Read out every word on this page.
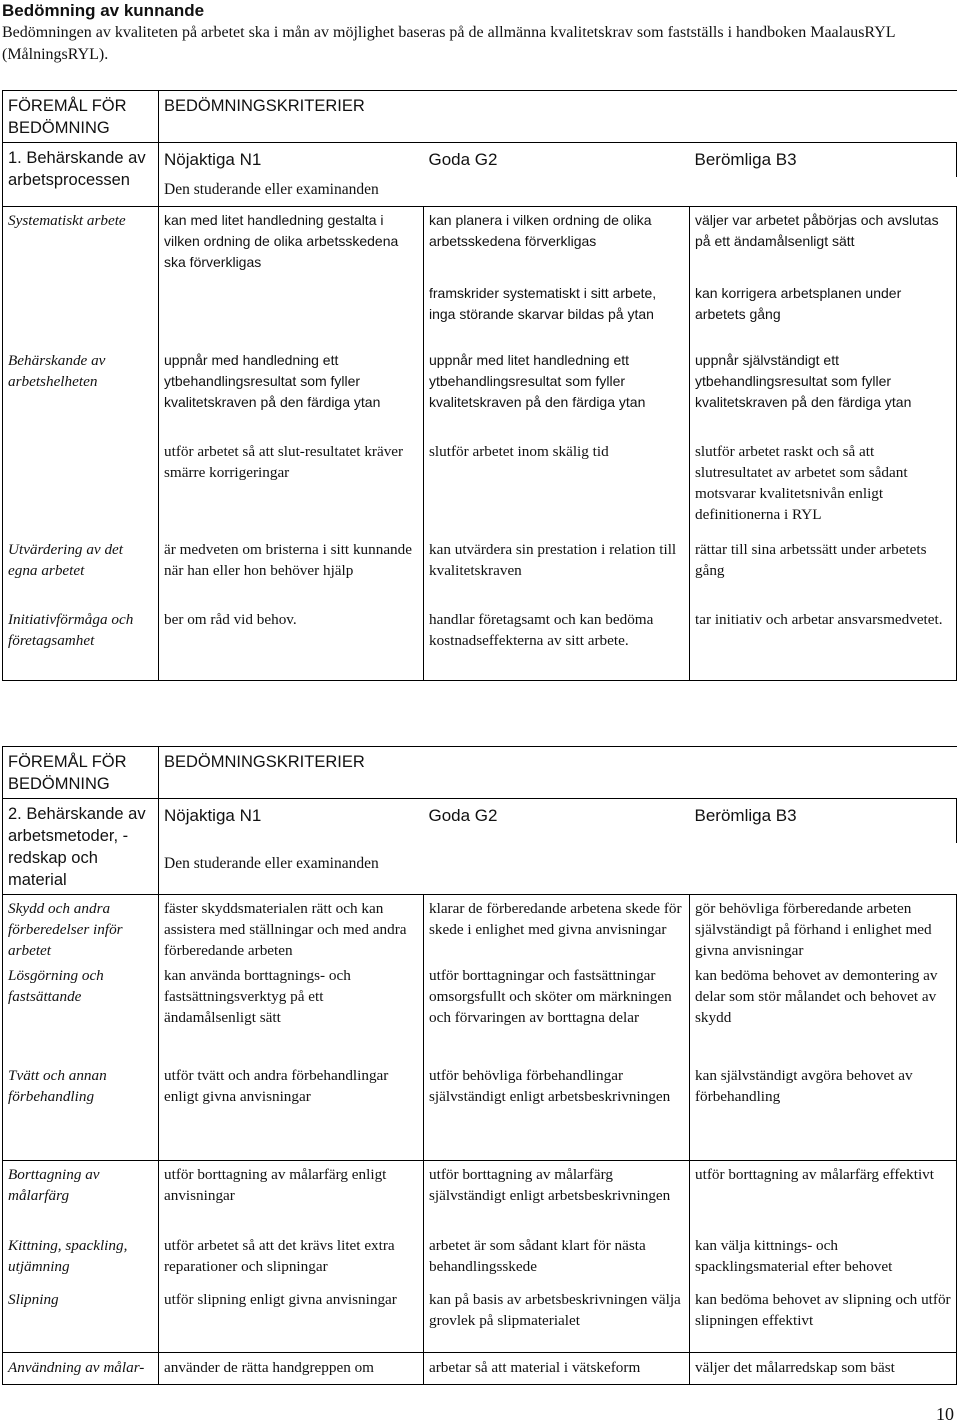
Bedömning av kunnande

Bedömningen av kvaliteten på arbetet ska i mån av möjlighet baseras på de allmänna kvalitetskrav som fastställs i handboken MaalausRYL (MålningsRYL).

FÖREMÅL FÖR BEDÖMNING	BEDÖMNINGSKRITERIER		
1. Behärskande av arbetsprocessen	Nöjaktiga N1	Goda G2	Berömliga B3
	Den studerande eller examinanden		
Systematiskt arbete	kan med litet handledning gestalta i vilken ordning de olika arbetsskedena ska förverkligas	kan planera i vilken ordning de olika arbetsskedena förverkligas	väljer var arbetet påbörjas och avslutas på ett ändamålsenligt sätt
		framskrider systematiskt i sitt arbete, inga störande skarvar bildas på ytan	kan korrigera arbetsplanen under arbetets gång
Behärskande av arbetshelheten	uppnår med handledning ett ytbehandlingsresultat som fyller kvalitetskraven på den färdiga ytan	uppnår med litet handledning ett ytbehandlingsresultat som fyller kvalitetskraven på den färdiga ytan	uppnår självständigt ett ytbehandlingsresultat som fyller kvalitetskraven på den färdiga ytan
	utför arbetet så att slut-resultatet kräver smärre korrigeringar	slutför arbetet inom skälig tid	slutför arbetet raskt och så att slutresultatet av arbetet som sådant motsvarar kvalitetsnivån enligt definitionerna i RYL
Utvärdering av det egna arbetet	är medveten om bristerna i sitt kunnande när han eller hon behöver hjälp	kan utvärdera sin prestation i relation till kvalitetskraven	rättar till sina arbetssätt under arbetets gång
Initiativförmåga och företagsamhet	ber om råd vid behov.	handlar företagsamt och kan bedöma kostnadseffekterna av sitt arbete.	tar initiativ och arbetar ansvarsmedvetet.
FÖREMÅL FÖR BEDÖMNING	BEDÖMNINGSKRITERIER		
2. Behärskande av arbetsmetoder, -redskap och material	Nöjaktiga N1	Goda G2	Berömliga B3
	Den studerande eller examinanden		
Skydd och andra förberedelser inför arbetet	fäster skyddsmaterialen rätt och kan assistera med ställningar och med andra förberedande arbeten	klarar de förberedande arbetena skede för skede i enlighet med givna anvisningar	gör behövliga förberedande arbeten självständigt på förhand i enlighet med givna anvisningar
Lösgörning och fastsättande	kan använda borttagnings- och fastsättningsverktyg på ett ändamålsenligt sätt	utför borttagningar och fastsättningar omsorgsfullt och sköter om märkningen och förvaringen av borttagna delar	kan bedöma behovet av demontering av delar som stör målandet och behovet av skydd
Tvätt och annan förbehandling	utför tvätt och andra förbehandlingar enligt givna anvisningar	utför behövliga förbehandlingar självständigt enligt arbetsbeskrivningen	kan självständigt avgöra behovet av förbehandling
Borttagning av målarfärg	utför borttagning av målarfärg enligt anvisningar	utför borttagning av målarfärg självständigt enligt arbetsbeskrivningen	utför borttagning av målarfärg effektivt
Kittning, spackling, utjämning	utför arbetet så att det krävs litet extra reparationer och slipningar	arbetet är som sådant klart för nästa behandlingsskede	kan välja kittnings- och spacklingsmaterial efter behovet
Slipning	utför slipning enligt givna anvisningar	kan på basis av arbetsbeskrivningen välja grovlek på slipmaterialet	kan bedöma behovet av slipning och utför slipningen effektivt
Användning av målar-	använder de rätta handgreppen om	arbetar så att material i vätskeform	väljer det målarredskap som bäst
10
